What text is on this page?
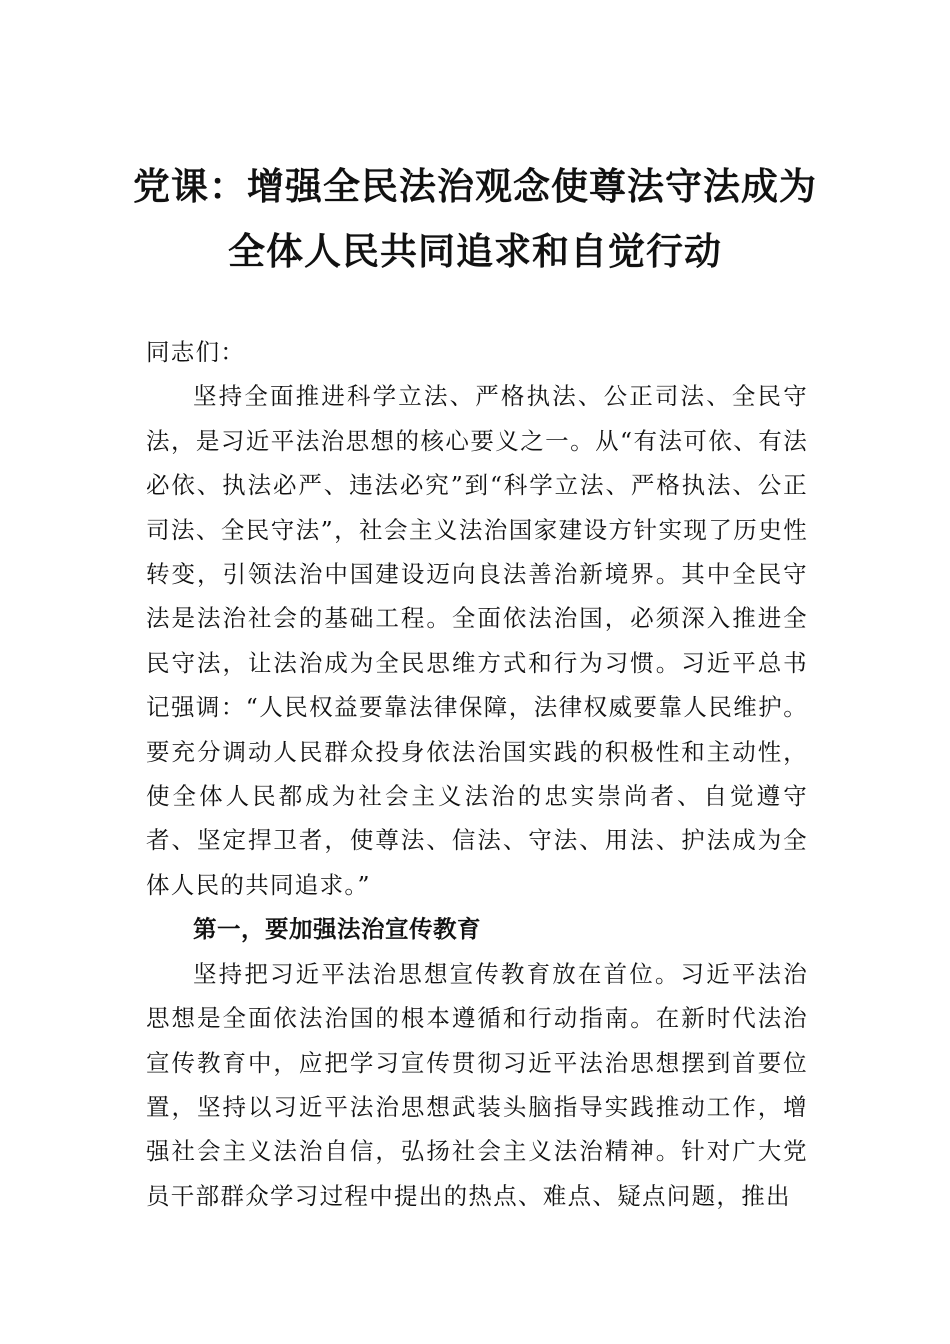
党课：增强全民法治观念使尊法守法成为
全体人民共同追求和自觉行动

同志们：

坚持全面推进科学立法、严格执法、公正司法、全民守法，是习近平法治思想的核心要义之一。从“有法可依、有法必依、执法必严、违法必究”到“科学立法、严格执法、公正司法、全民守法”，社会主义法治国家建设方针实现了历史性转变，引领法治中国建设迈向良法善治新境界。其中全民守法是法治社会的基础工程。全面依法治国，必须深入推进全民守法，让法治成为全民思维方式和行为习惯。习近平总书记强调：“人民权益要靠法律保障，法律权威要靠人民维护。要充分调动人民群众投身依法治国实践的积极性和主动性，使全体人民都成为社会主义法治的忠实崇尚者、自觉遵守者、坚定捍卫者，使尊法、信法、守法、用法、护法成为全体人民的共同追求。”

第一，要加强法治宣传教育

坚持把习近平法治思想宣传教育放在首位。习近平法治思想是全面依法治国的根本遵循和行动指南。在新时代法治宣传教育中，应把学习宣传贯彻习近平法治思想摆到首要位置，坚持以习近平法治思想武装头脑指导实践推动工作，增强社会主义法治自信，弘扬社会主义法治精神。针对广大党员干部群众学习过程中提出的热点、难点、疑点问题，推出
